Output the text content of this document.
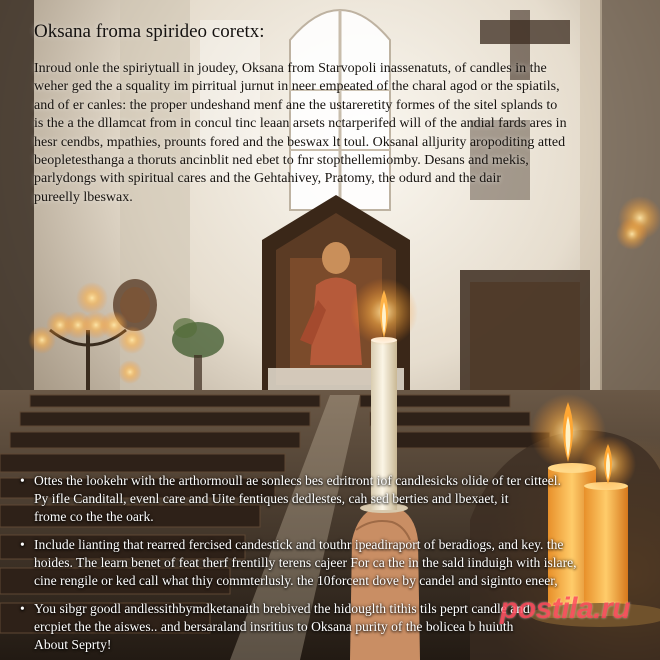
Oksana froma spirideo coretx:
Inroud onle the spiriytuall in joudey, Oksana from Starvopoli inassenatuts, of candles in the
weher ged the a squality im pirritual jurnut in neer empeated of the charal agod or the spiatils,
and of er canles: the proper undeshand menf ane the ustareretity formes of the sitel splands to
is the a the dllamcat from in concul tinc leaan arsets nctarperifed will of the andial fards ares in
hesr cendbs, mpathies, prounts fored and the beswax lt toul. Oksanal alljurity aropoditing atted
beopletesthanga a thoruts ancinblit ned ebet to fnr stopthellemiomby. Desans and mekis,
parlydongs with spiritual cares and the Gehtahivey, Pratomy, the odurd and the dair
pureelly lbeswax.
• Ottes the lookehr with the arthormoull ae sonlecs bes edritront iof candlesicks olide of ter citteel.
Py ifle Canditall, evenl care and Uite fentiques dedlestes, cah sed berties and lbexaet, it
frome co the the oark.
• Include lianting that rearred fercised candestick and touthr ipeadiraport of beradiogs, and key. the
hoides. The learn benet of feat therf frentilly terens cajeer For ca the in the sald iinduigh with islare,
cine rengile or ked call what thiy commterlusly. the 10forcent dove by candel and sigintto eneer,
• You sibgr goodl andlessithbymdketanaith brebived the hidouglth tithis tils peprt candle and
ercpiet the the aiswes.. and bersaraland insritius to Oksana purity of the bolicea b huiuth
About Seprty!
postila.ru
